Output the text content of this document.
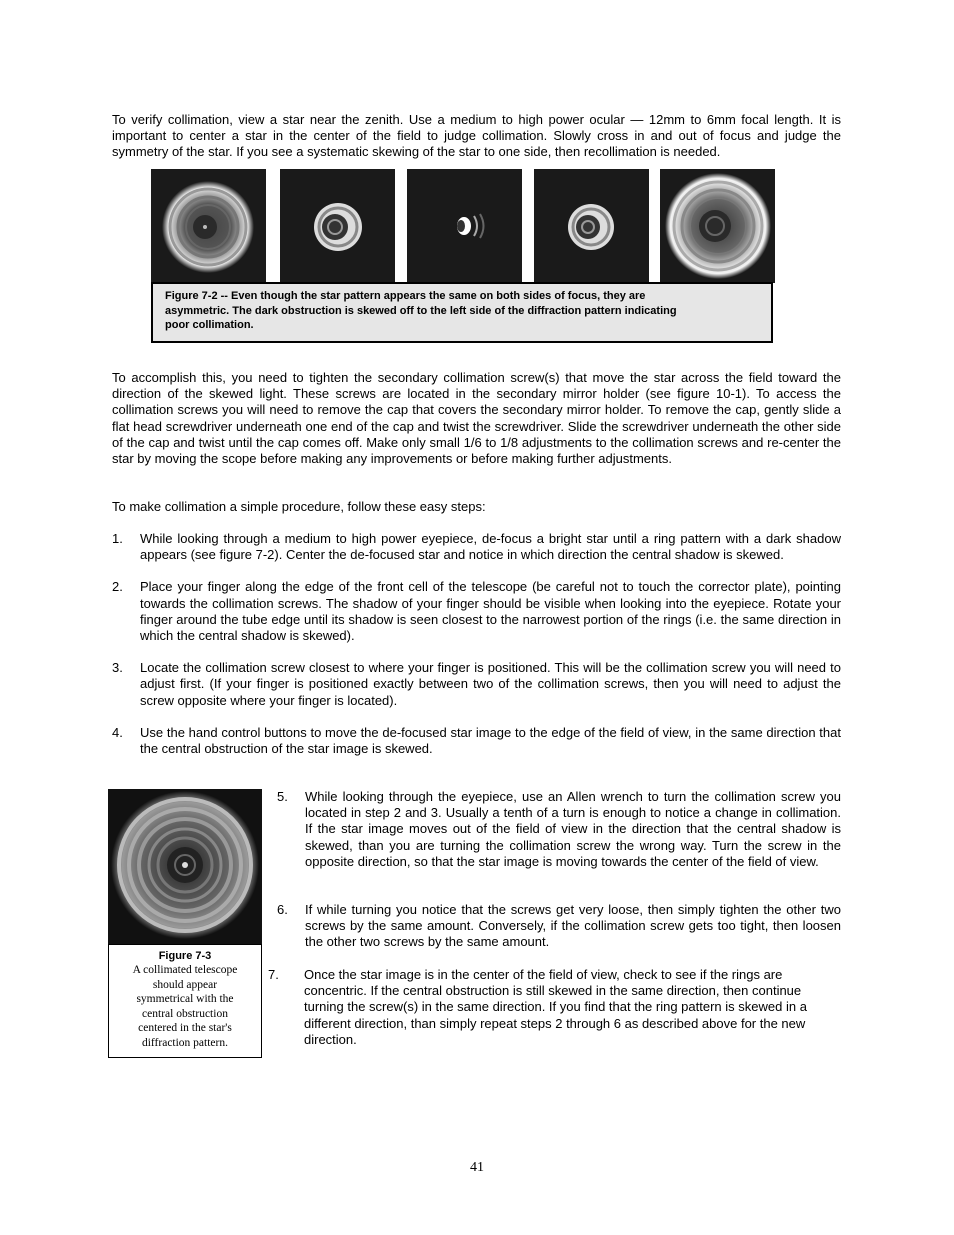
To verify collimation, view a star near the zenith. Use a medium to high power ocular — 12mm to 6mm focal length. It is important to center a star in the center of the field to judge collimation. Slowly cross in and out of focus and judge the symmetry of the star. If you see a systematic skewing of the star to one side, then recollimation is needed.

Figure 7-2 -- Even though the star pattern appears the same on both sides of focus, they are
asymmetric. The dark obstruction is skewed off to the left side of the diffraction pattern indicating
poor collimation.

To accomplish this, you need to tighten the secondary collimation screw(s) that move the star across the field toward the direction of the skewed light. These screws are located in the secondary mirror holder (see figure 10-1). To access the collimation screws you will need to remove the cap that covers the secondary mirror holder. To remove the cap, gently slide a flat head screwdriver underneath one end of the cap and twist the screwdriver. Slide the screwdriver underneath the other side of the cap and twist until the cap comes off. Make only small 1/6 to 1/8 adjustments to the collimation screws and re-center the star by moving the scope before making any improvements or before making further adjustments.

To make collimation a simple procedure, follow these easy steps:

1. While looking through a medium to high power eyepiece, de-focus a bright star until a ring pattern with a dark shadow appears (see figure 7-2). Center the de-focused star and notice in which direction the central shadow is skewed.
2. Place your finger along the edge of the front cell of the telescope (be careful not to touch the corrector plate), pointing towards the collimation screws. The shadow of your finger should be visible when looking into the eyepiece. Rotate your finger around the tube edge until its shadow is seen closest to the narrowest portion of the rings (i.e. the same direction in which the central shadow is skewed).
3. Locate the collimation screw closest to where your finger is positioned. This will be the collimation screw you will need to adjust first. (If your finger is positioned exactly between two of the collimation screws, then you will need to adjust the screw opposite where your finger is located).
4. Use the hand control buttons to move the de-focused star image to the edge of the field of view, in the same direction that the central obstruction of the star image is skewed.
Figure 7-3
A collimated telescope
should appear
symmetrical with the
central obstruction
centered in the star's
diffraction pattern.
5. While looking through the eyepiece, use an Allen wrench to turn the collimation screw you located in step 2 and 3. Usually a tenth of a turn is enough to notice a change in collimation. If the star image moves out of the field of view in the direction that the central shadow is skewed, than you are turning the collimation screw the wrong way. Turn the screw in the opposite direction, so that the star image is moving towards the center of the field of view.
6. If while turning you notice that the screws get very loose, then simply tighten the other two screws by the same amount. Conversely, if the collimation screw gets too tight, then loosen the other two screws by the same amount.
7. Once the star image is in the center of the field of view, check to see if the rings are concentric. If the central obstruction is still skewed in the same direction, then continue turning the screw(s) in the same direction. If you find that the ring pattern is skewed in a different direction, than simply repeat steps 2 through 6 as described above for the new direction.
41
